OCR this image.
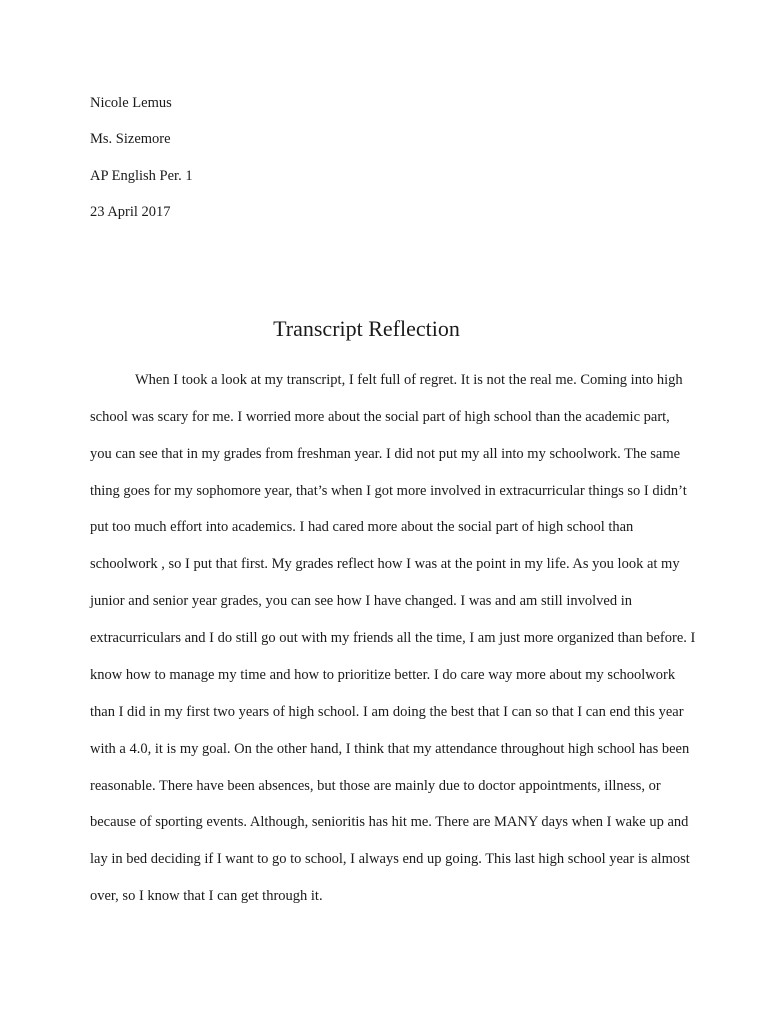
Nicole Lemus
Ms. Sizemore
AP English Per. 1
23 April 2017
Transcript Reflection
When I took a look at my transcript, I felt full of regret. It is not the real me. Coming into high
school was scary for me. I worried more about the social part of high school than the academic part,
you can see that in my grades from freshman year. I did not put my all into my schoolwork. The same
thing goes for my sophomore year, that’s when I got more involved in extracurricular things so I didn’t
put too much effort into academics. I had cared more about the social part of high school than
schoolwork , so I put that first. My grades reflect how I was at the point in my life. As you look at my
junior and senior year grades, you can see how I have changed. I was and am still involved in
extracurriculars and I do still go out with my friends all the time, I am just more organized than before. I
know how to manage my time and how to prioritize better. I do care way more about my schoolwork
than I did in my first two years of high school. I am doing the best that I can so that I can end this year
with a 4.0, it is my goal. On the other hand, I think that my attendance throughout high school has been
reasonable. There have been absences, but those are mainly due to doctor appointments, illness, or
because of sporting events. Although, senioritis has hit me. There are MANY days when I wake up and
lay in bed deciding if I want to go to school, I always end up going. This last high school year is almost
over, so I know that I can get through it.
